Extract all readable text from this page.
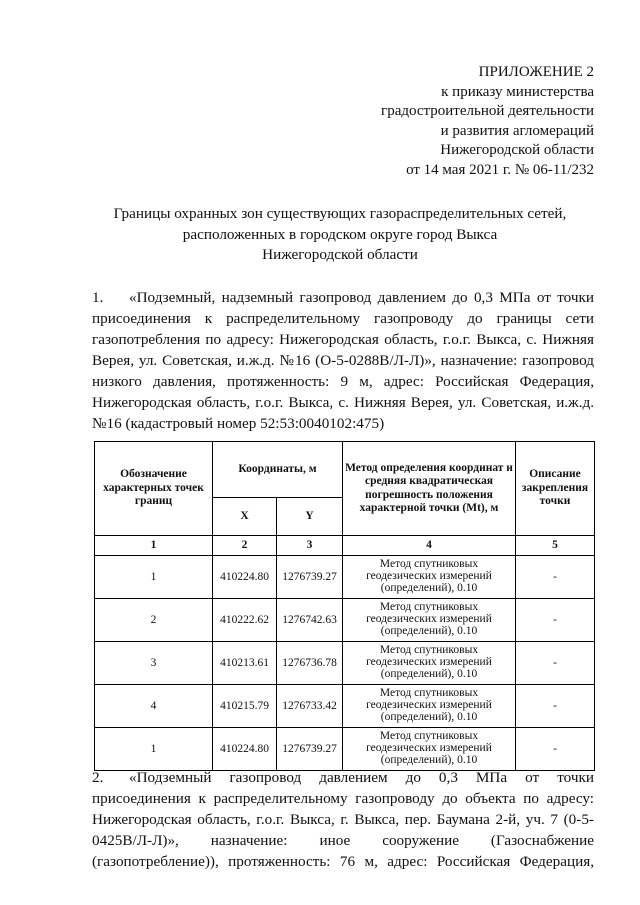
ПРИЛОЖЕНИЕ 2
к приказу министерства
градостроительной деятельности
и развития агломераций
Нижегородской области
от 14 мая 2021 г. № 06-11/232
Границы охранных зон существующих газораспределительных сетей,
расположенных в городском округе город Выкса
Нижегородской области
1. «Подземный, надземный газопровод давлением до 0,3 МПа от точки
присоединения к распределительному газопроводу до границы сети
газопотребления по адресу: Нижегородская область, г.о.г. Выкса, с. Нижняя
Верея, ул. Советская, и.ж.д. №16 (О-5-0288В/Л-Л)», назначение: газопровод
низкого давления, протяженность: 9 м, адрес: Российская Федерация,
Нижегородская область, г.о.г. Выкса, с. Нижняя Верея, ул. Советская, и.ж.д.
№16 (кадастровый номер 52:53:0040102:475)
Обозначение характерных точек границ	Координаты, м		Метод определения координат и средняя квадратическая погрешность положения характерной точки (Mt), м	Описание закрепления точки
	X	Y		
1	2	3	4	5
1	410224.80	1276739.27	Метод спутниковых геодезических измерений (определений), 0.10	-
2	410222.62	1276742.63	Метод спутниковых геодезических измерений (определений), 0.10	-
3	410213.61	1276736.78	Метод спутниковых геодезических измерений (определений), 0.10	-
4	410215.79	1276733.42	Метод спутниковых геодезических измерений (определений), 0.10	-
1	410224.80	1276739.27	Метод спутниковых геодезических измерений (определений), 0.10	-
2. «Подземный газопровод давлением до 0,3 МПа от точки
присоединения к распределительному газопроводу до объекта по адресу:
Нижегородская область, г.о.г. Выкса, г. Выкса, пер. Баумана 2-й, уч. 7 (0-5-
0425В/Л-Л)», назначение: иное сооружение (Газоснабжение
(газопотребление)), протяженность: 76 м, адрес: Российская Федерация,
